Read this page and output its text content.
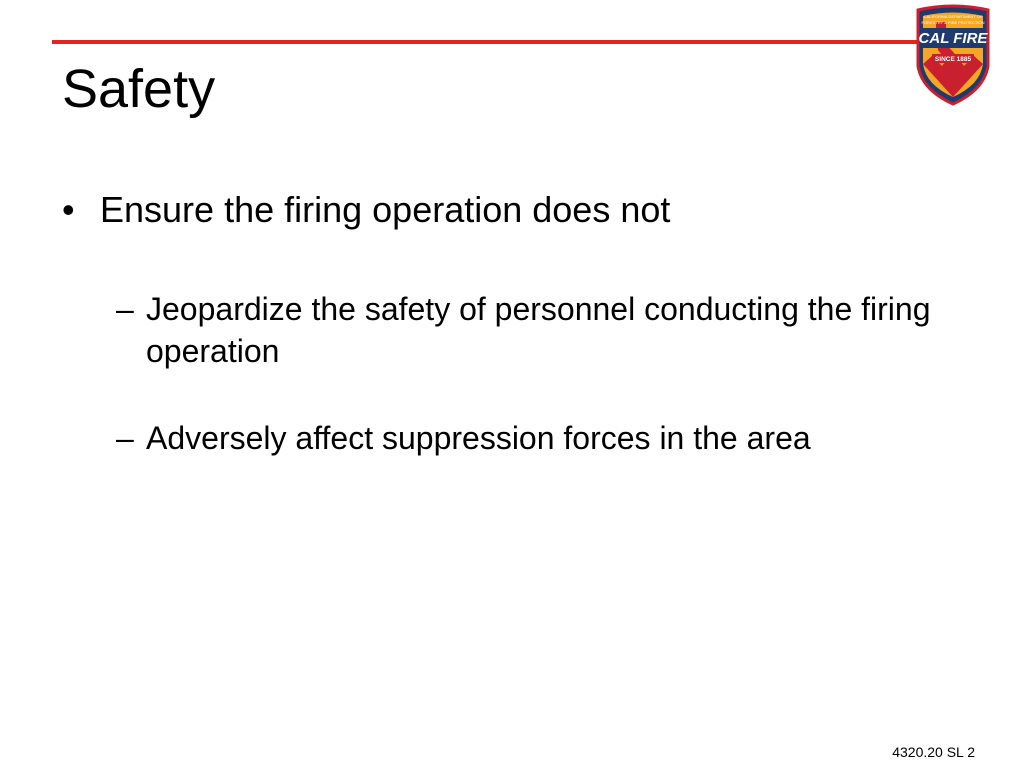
Safety
CAL FIRE
SINCE 1885
CALIFORNIA DEPARTMENT OF
FORESTRY & FIRE PROTECTION
• Ensure the firing operation does not
– Jeopardize the safety of personnel conducting the firing operation
– Adversely affect suppression forces in the area
4320.20 SL 2
